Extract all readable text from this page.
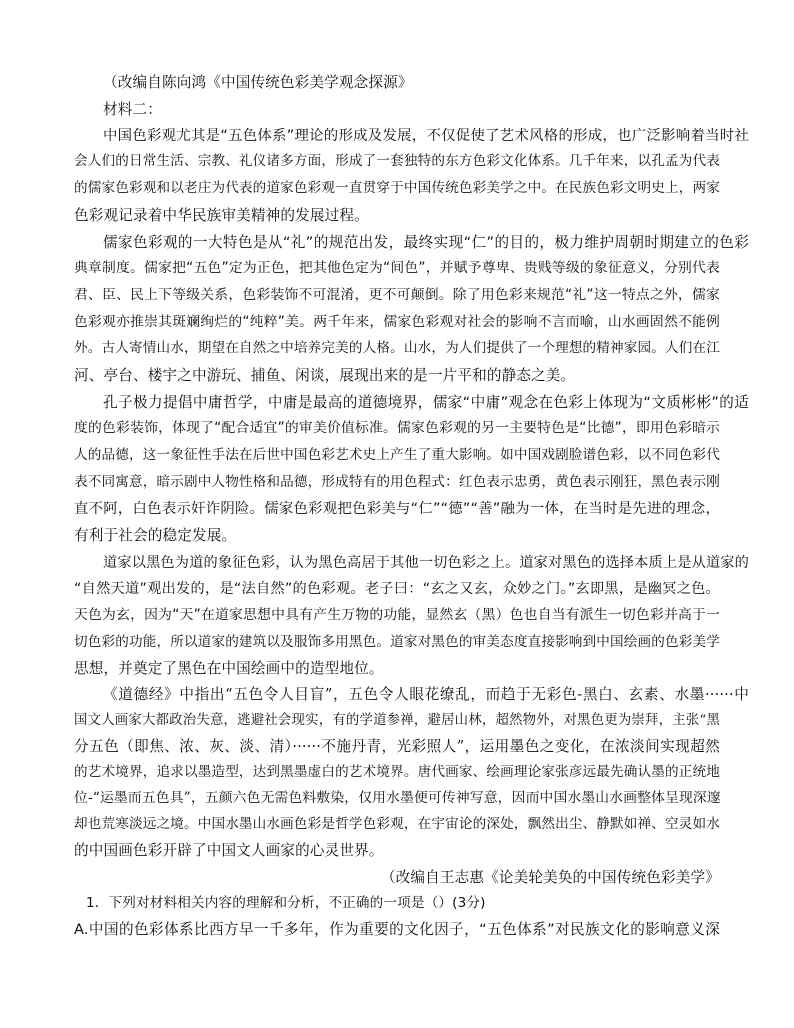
（改编自陈向鸿《中国传统色彩美学观念探源》
材料二：
中国色彩观尤其是“五色体系”理论的形成及发展，不仅促使了艺术风格的形成，也广泛影响着当时社
会人们的日常生活、宗教、礼仪诸多方面，形成了一套独特的东方色彩文化体系。几千年来，以孔孟为代表
的儒家色彩观和以老庄为代表的道家色彩观一直贯穿于中国传统色彩美学之中。在民族色彩文明史上，两家
色彩观记录着中华民族审美精神的发展过程。
儒家色彩观的一大特色是从“礼”的规范出发，最终实现“仁”的目的，极力维护周朝时期建立的色彩
典章制度。儒家把“五色”定为正色，把其他色定为“间色”，并赋予尊卑、贵贱等级的象征意义，分别代表
君、臣、民上下等级关系，色彩装饰不可混淆，更不可颠倒。除了用色彩来规范“礼”这一特点之外，儒家
色彩观亦推崇其斑斓绚烂的“纯粹”美。两千年来，儒家色彩观对社会的影响不言而喻，山水画固然不能例
外。古人寄情山水，期望在自然之中培养完美的人格。山水，为人们提供了一个理想的精神家园。人们在江
河、亭台、楼宇之中游玩、捕鱼、闲谈，展现出来的是一片平和的静态之美。
孔子极力提倡中庸哲学，中庸是最高的道德境界，儒家“中庸”观念在色彩上体现为“文质彬彬”的适
度的色彩装饰，体现了“配合适宜”的审美价值标准。儒家色彩观的另一主要特色是“比德”，即用色彩暗示
人的品德，这一象征性手法在后世中国色彩艺术史上产生了重大影响。如中国戏剧脸谱色彩，以不同色彩代
表不同寓意，暗示剧中人物性格和品德，形成特有的用色程式：红色表示忠勇，黄色表示刚狂，黑色表示刚
直不阿，白色表示奸诈阴险。儒家色彩观把色彩美与“仁”“德”“善”融为一体，在当时是先进的理念，
有利于社会的稳定发展。
道家以黑色为道的象征色彩，认为黑色高居于其他一切色彩之上。道家对黑色的选择本质上是从道家的
“自然天道”观出发的，是“法自然”的色彩观。老子曰：“玄之又玄，众妙之门。”玄即黑，是幽冥之色。
天色为玄，因为“天”在道家思想中具有产生万物的功能，显然玄（黑）色也自当有派生一切色彩并高于一
切色彩的功能，所以道家的建筑以及服饰多用黑色。道家对黑色的审美态度直接影响到中国绘画的色彩美学
思想，并奠定了黑色在中国绘画中的造型地位。
《道德经》中指出“五色令人目盲”，五色令人眼花缭乱，而趋于无彩色-黑白、玄素、水墨······中
国文人画家大都政治失意，逃避社会现实，有的学道参禅，避居山林，超然物外，对黑色更为崇拜，主张“黑
分五色（即焦、浓、灰、淡、清）······不施丹青，光彩照人”，运用墨色之变化，在浓淡间实现超然
的艺术境界，追求以墨造型，达到黑墨虚白的艺术境界。唐代画家、绘画理论家张彦远最先确认墨的正统地
位-“运墨而五色具”，五颜六色无需色料敷染，仅用水墨便可传神写意，因而中国水墨山水画整体呈现深邃
却也荒寒淡远之境。中国水墨山水画色彩是哲学色彩观，在宇宙论的深处，飘然出尘、静默如禅、空灵如水
的中国画色彩开辟了中国文人画家的心灵世界。
（改编自王志惠《论美轮美奂的中国传统色彩美学》
1．下列对材料相关内容的理解和分析，不正确的一项是（）(3分)
A.中国的色彩体系比西方早一千多年，作为重要的文化因子，“五色体系”对民族文化的影响意义深
